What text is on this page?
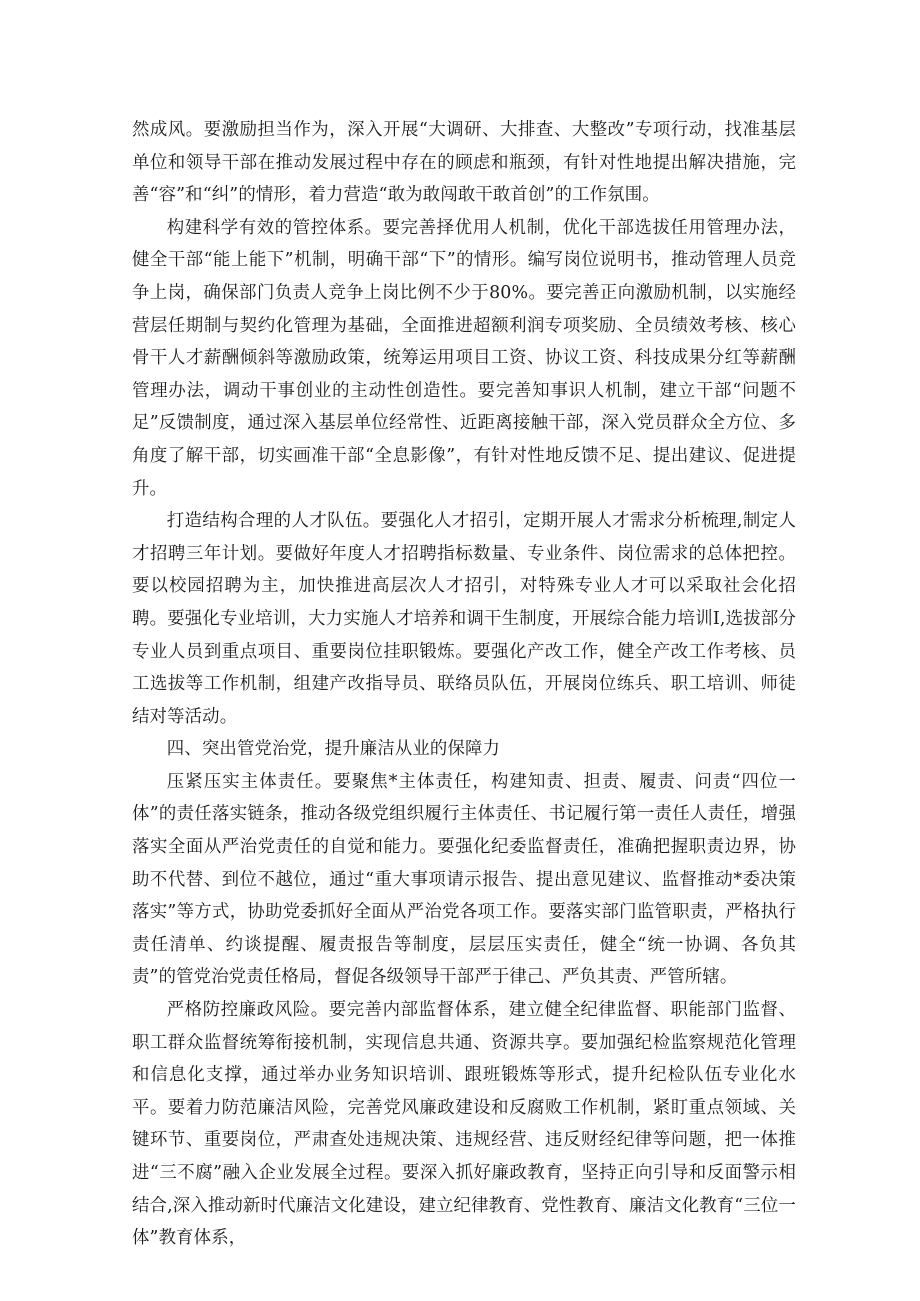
然成风。要激励担当作为，深入开展“大调研、大排查、大整改”专项行动，找准基层单位和领导干部在推动发展过程中存在的顾虑和瓶颈，有针对性地提出解决措施，完善“容”和“纠”的情形，着力营造“敢为敢闯敢干敢首创”的工作氛围。

构建科学有效的管控体系。要完善择优用人机制，优化干部选拔任用管理办法，健全干部“能上能下”机制，明确干部“下”的情形。编写岗位说明书，推动管理人员竞争上岗，确保部门负责人竞争上岗比例不少于80%。要完善正向激励机制，以实施经营层任期制与契约化管理为基础，全面推进超额利润专项奖励、全员绩效考核、核心骨干人才薪酬倾斜等激励政策，统筹运用项目工资、协议工资、科技成果分红等薪酬管理办法，调动干事创业的主动性创造性。要完善知事识人机制，建立干部“问题不足”反馈制度，通过深入基层单位经常性、近距离接触干部，深入党员群众全方位、多角度了解干部，切实画准干部“全息影像”，有针对性地反馈不足、提出建议、促进提升。

打造结构合理的人才队伍。要强化人才招引，定期开展人才需求分析梳理,制定人才招聘三年计划。要做好年度人才招聘指标数量、专业条件、岗位需求的总体把控。要以校园招聘为主，加快推进高层次人才招引，对特殊专业人才可以采取社会化招聘。要强化专业培训，大力实施人才培养和调干生制度，开展综合能力培训I,选拔部分专业人员到重点项目、重要岗位挂职锻炼。要强化产改工作，健全产改工作考核、员工选拔等工作机制，组建产改指导员、联络员队伍，开展岗位练兵、职工培训、师徒结对等活动。

四、突出管党治党，提升廉洁从业的保障力

压紧压实主体责任。要聚焦*主体责任，构建知责、担责、履责、问责“四位一体”的责任落实链条，推动各级党组织履行主体责任、书记履行第一责任人责任，增强落实全面从严治党责任的自觉和能力。要强化纪委监督责任，准确把握职责边界，协助不代替、到位不越位，通过“重大事项请示报告、提出意见建议、监督推动*委决策落实”等方式，协助党委抓好全面从严治党各项工作。要落实部门监管职责，严格执行责任清单、约谈提醒、履责报告等制度，层层压实责任，健全“统一协调、各负其责”的管党治党责任格局，督促各级领导干部严于律己、严负其责、严管所辖。

严格防控廉政风险。要完善内部监督体系，建立健全纪律监督、职能部门监督、职工群众监督统筹衔接机制，实现信息共通、资源共享。要加强纪检监察规范化管理和信息化支撑，通过举办业务知识培训、跟班锻炼等形式，提升纪检队伍专业化水平。要着力防范廉洁风险，完善党风廉政建设和反腐败工作机制，紧盯重点领域、关键环节、重要岗位，严肃查处违规决策、违规经营、违反财经纪律等问题，把一体推进“三不腐”融入企业发展全过程。要深入抓好廉政教育，坚持正向引导和反面警示相结合,深入推动新时代廉洁文化建设，建立纪律教育、党性教育、廉洁文化教育“三位一体”教育体系，
